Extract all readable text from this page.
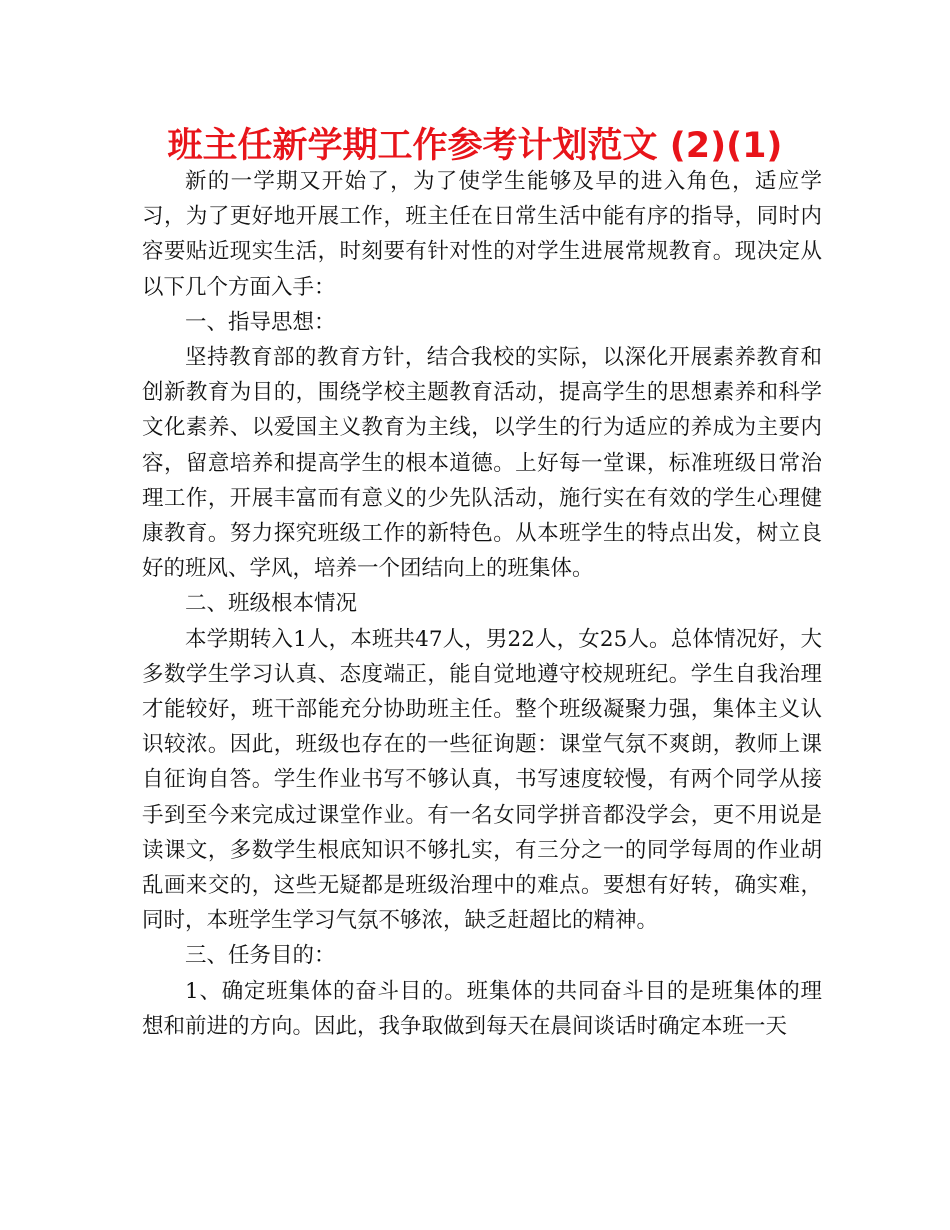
班主任新学期工作参考计划范文 (2)(1)

新的一学期又开始了，为了使学生能够及早的进入角色，适应学习，为了更好地开展工作，班主任在日常生活中能有序的指导，同时内容要贴近现实生活，时刻要有针对性的对学生进展常规教育。现决定从以下几个方面入手：

一、指导思想：

坚持教育部的教育方针，结合我校的实际，以深化开展素养教育和创新教育为目的，围绕学校主题教育活动，提高学生的思想素养和科学文化素养、以爱国主义教育为主线，以学生的行为适应的养成为主要内容，留意培养和提高学生的根本道德。上好每一堂课，标准班级日常治理工作，开展丰富而有意义的少先队活动，施行实在有效的学生心理健康教育。努力探究班级工作的新特色。从本班学生的特点出发，树立良好的班风、学风，培养一个团结向上的班集体。

二、班级根本情况

本学期转入1人，本班共47人，男22人，女25人。总体情况好，大多数学生学习认真、态度端正，能自觉地遵守校规班纪。学生自我治理才能较好，班干部能充分协助班主任。整个班级凝聚力强，集体主义认识较浓。因此，班级也存在的一些征询题：课堂气氛不爽朗，教师上课自征询自答。学生作业书写不够认真，书写速度较慢，有两个同学从接手到至今来完成过课堂作业。有一名女同学拼音都没学会，更不用说是读课文，多数学生根底知识不够扎实，有三分之一的同学每周的作业胡乱画来交的，这些无疑都是班级治理中的难点。要想有好转，确实难，同时，本班学生学习气氛不够浓，缺乏赶超比的精神。

三、任务目的：

1、确定班集体的奋斗目的。班集体的共同奋斗目的是班集体的理想和前进的方向。因此，我争取做到每天在晨间谈话时确定本班一天
